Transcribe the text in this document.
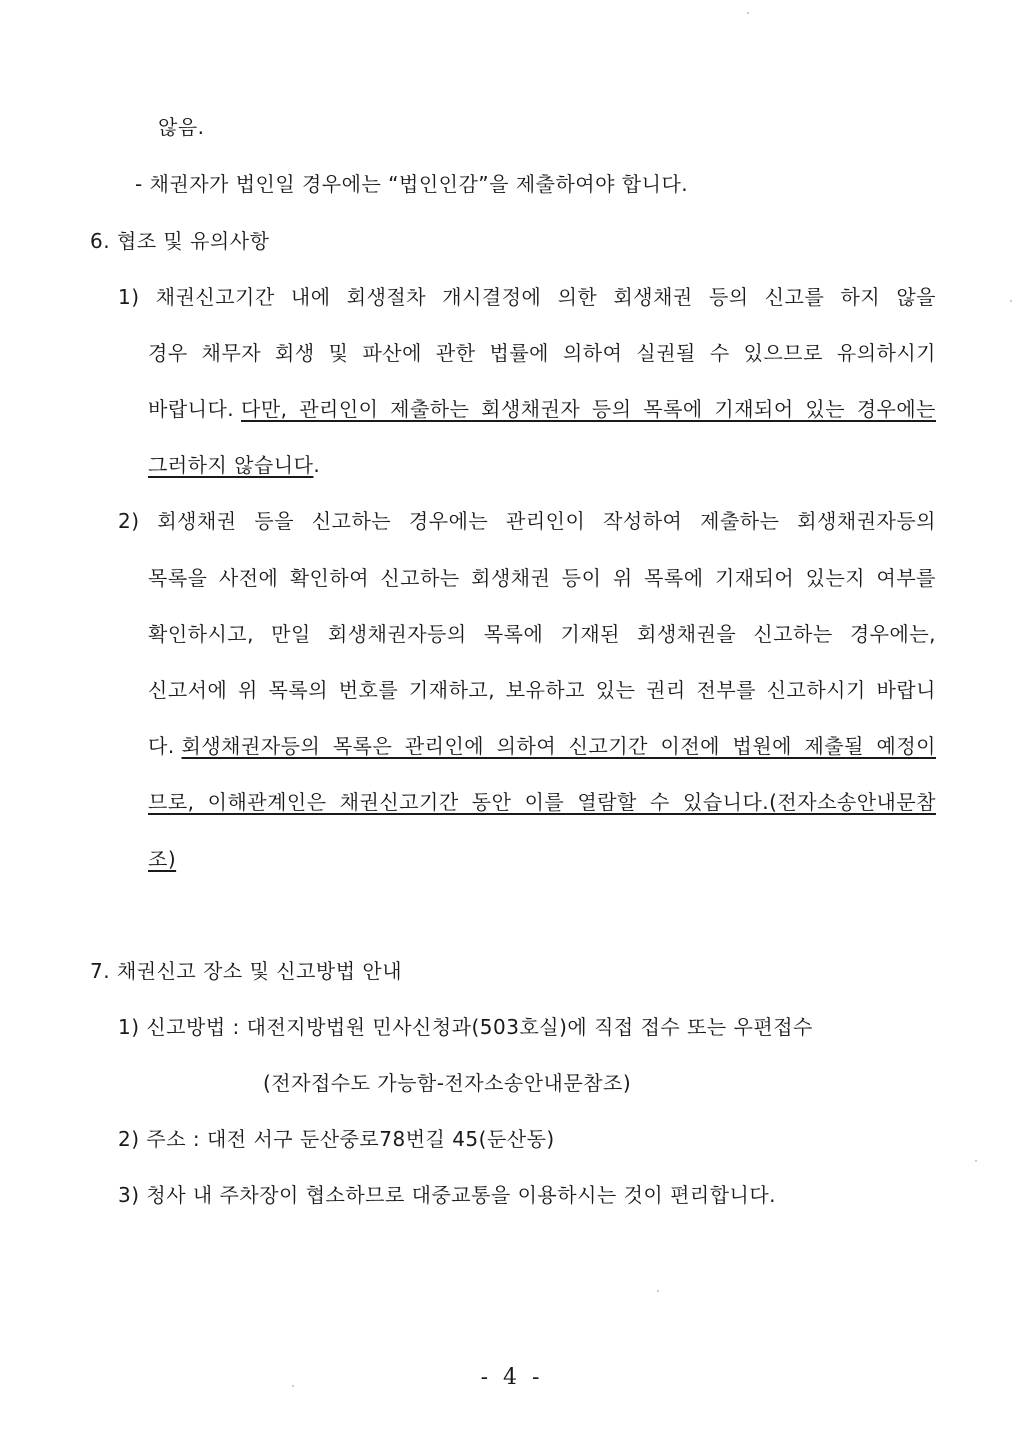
않음.
- 채권자가 법인일 경우에는 “법인인감”을 제출하여야 합니다.
6. 협조 및 유의사항
1) 채권신고기간 내에 회생절차 개시결정에 의한 회생채권 등의 신고를 하지 않을
경우 채무자 회생 및 파산에 관한 법률에 의하여 실권될 수 있으므로 유의하시기
바랍니다. 다만, 관리인이 제출하는 회생채권자 등의 목록에 기재되어 있는 경우에는
그러하지 않습니다.
2) 회생채권 등을 신고하는 경우에는 관리인이 작성하여 제출하는 회생채권자등의
목록을 사전에 확인하여 신고하는 회생채권 등이 위 목록에 기재되어 있는지 여부를
확인하시고, 만일 회생채권자등의 목록에 기재된 회생채권을 신고하는 경우에는,
신고서에 위 목록의 번호를 기재하고, 보유하고 있는 권리 전부를 신고하시기 바랍니
다. 회생채권자등의 목록은 관리인에 의하여 신고기간 이전에 법원에 제출될 예정이
므로, 이해관계인은 채권신고기간 동안 이를 열람할 수 있습니다.(전자소송안내문참
조)
7. 채권신고 장소 및 신고방법 안내
1) 신고방법 : 대전지방법원 민사신청과(503호실)에 직접 접수 또는 우편접수
(전자접수도 가능함-전자소송안내문참조)
2) 주소 : 대전 서구 둔산중로78번길 45(둔산동)
3) 청사 내 주차장이 협소하므로 대중교통을 이용하시는 것이 편리합니다.
- 4 -
